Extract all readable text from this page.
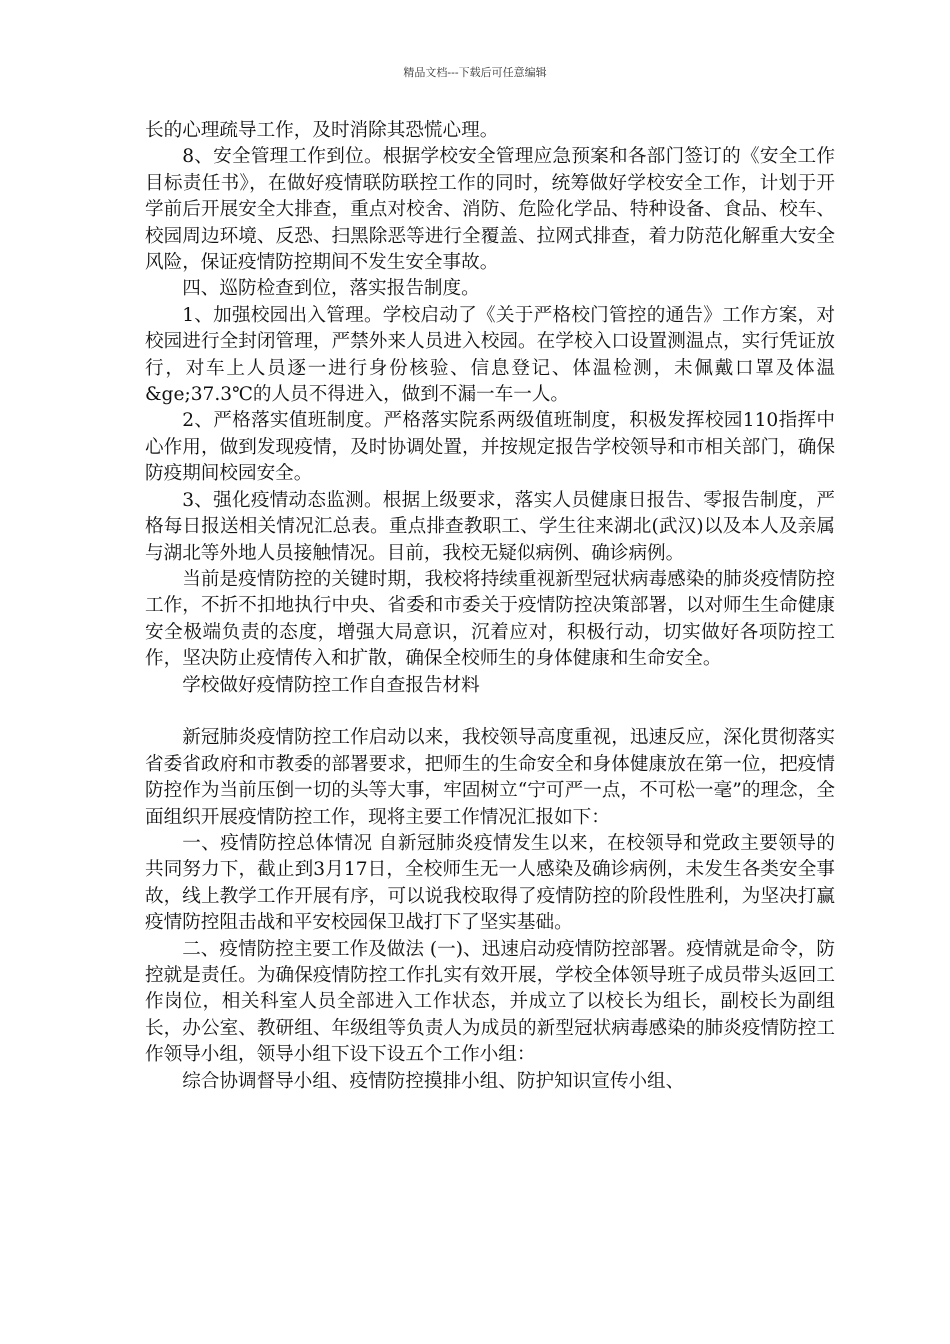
精品文档---下载后可任意编辑

长的心理疏导工作，及时消除其恐慌心理。

8、安全管理工作到位。根据学校安全管理应急预案和各部门签订的《安全工作目标责任书》，在做好疫情联防联控工作的同时，统筹做好学校安全工作，计划于开学前后开展安全大排查，重点对校舍、消防、危险化学品、特种设备、食品、校车、校园周边环境、反恐、扫黑除恶等进行全覆盖、拉网式排查，着力防范化解重大安全风险，保证疫情防控期间不发生安全事故。

四、巡防检查到位，落实报告制度。

1、加强校园出入管理。学校启动了《关于严格校门管控的通告》工作方案，对校园进行全封闭管理，严禁外来人员进入校园。在学校入口设置测温点，实行凭证放行，对车上人员逐一进行身份核验、信息登记、体温检测，未佩戴口罩及体温&ge;37.3℃的人员不得进入，做到不漏一车一人。

2、严格落实值班制度。严格落实院系两级值班制度，积极发挥校园110指挥中心作用，做到发现疫情，及时协调处置，并按规定报告学校领导和市相关部门，确保防疫期间校园安全。

3、强化疫情动态监测。根据上级要求，落实人员健康日报告、零报告制度，严格每日报送相关情况汇总表。重点排查教职工、学生往来湖北(武汉)以及本人及亲属与湖北等外地人员接触情况。目前，我校无疑似病例、确诊病例。

当前是疫情防控的关键时期，我校将持续重视新型冠状病毒感染的肺炎疫情防控工作，不折不扣地执行中央、省委和市委关于疫情防控决策部署，以对师生生命健康安全极端负责的态度，增强大局意识，沉着应对，积极行动，切实做好各项防控工作，坚决防止疫情传入和扩散，确保全校师生的身体健康和生命安全。

学校做好疫情防控工作自查报告材料

新冠肺炎疫情防控工作启动以来，我校领导高度重视，迅速反应，深化贯彻落实省委省政府和市教委的部署要求，把师生的生命安全和身体健康放在第一位，把疫情防控作为当前压倒一切的头等大事，牢固树立“宁可严一点，不可松一毫”的理念，全面组织开展疫情防控工作，现将主要工作情况汇报如下：

一、疫情防控总体情况 自新冠肺炎疫情发生以来，在校领导和党政主要领导的共同努力下，截止到3月17日，全校师生无一人感染及确诊病例，未发生各类安全事故，线上教学工作开展有序，可以说我校取得了疫情防控的阶段性胜利，为坚决打赢疫情防控阻击战和平安校园保卫战打下了坚实基础。

二、疫情防控主要工作及做法 (一)、迅速启动疫情防控部署。疫情就是命令，防控就是责任。为确保疫情防控工作扎实有效开展，学校全体领导班子成员带头返回工作岗位，相关科室人员全部进入工作状态，并成立了以校长为组长，副校长为副组长，办公室、教研组、年级组等负责人为成员的新型冠状病毒感染的肺炎疫情防控工作领导小组，领导小组下设下设五个工作小组：

综合协调督导小组、疫情防控摸排小组、防护知识宣传小组、
